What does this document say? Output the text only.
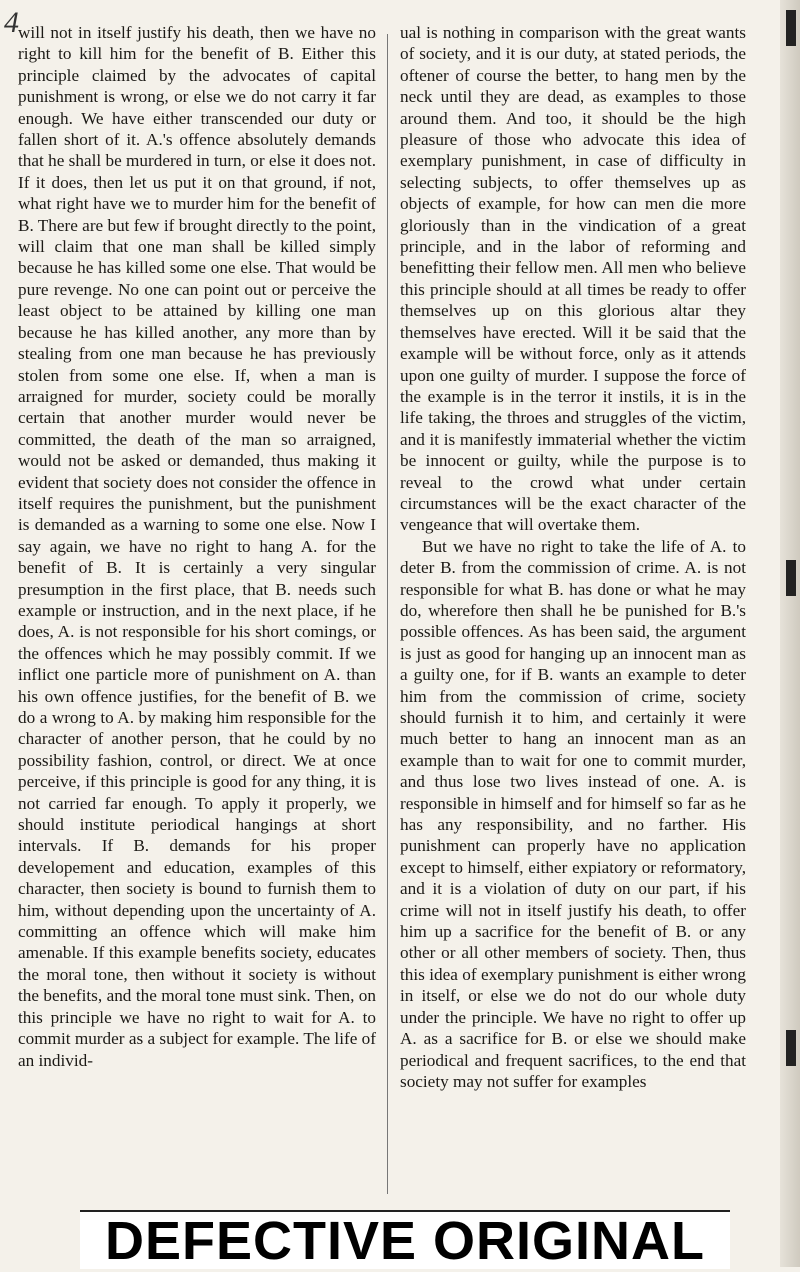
4 will not in itself justify his death, then we have no right to kill him for the benefit of B. Either this principle claimed by the advocates of capital punishment is wrong, or else we do not carry it far enough. We have either transcended our duty or fallen short of it. A.'s offence absolutely demands that he shall be murdered in turn, or else it does not. If it does, then let us put it on that ground, if not, what right have we to murder him for the benefit of B. There are but few if brought directly to the point, will claim that one man shall be killed simply because he has killed some one else. That would be pure revenge. No one can point out or perceive the least object to be attained by killing one man because he has killed another, any more than by stealing from one man because he has previously stolen from some one else. If, when a man is arraigned for murder, society could be morally certain that another murder would never be committed, the death of the man so arraigned, would not be asked or demanded, thus making it evident that society does not consider the offence in itself requires the punishment, but the punishment is demanded as a warning to some one else. Now I say again, we have no right to hang A. for the benefit of B. It is certainly a very singular presumption in the first place, that B. needs such example or instruction, and in the next place, if he does, A. is not responsible for his short comings, or the offences which he may possibly commit. If we inflict one particle more of punishment on A. than his own offence justifies, for the benefit of B. we do a wrong to A. by making him responsible for the character of another person, that he could by no possibility fashion, control, or direct. We at once perceive, if this principle is good for any thing, it is not carried far enough. To apply it properly, we should institute periodical hangings at short intervals. If B. demands for his proper developement and education, examples of this character, then society is bound to furnish them to him, without depending upon the uncertainty of A. committing an offence which will make him amenable. If this example benefits society, educates the moral tone, then without it society is without the benefits, and the moral tone must sink. Then, on this principle we have no right to wait for A. to commit murder as a subject for example. The life of an individ-

ual is nothing in comparison with the great wants of society, and it is our duty, at stated periods, the oftener of course the better, to hang men by the neck until they are dead, as examples to those around them. And too, it should be the high pleasure of those who advocate this idea of exemplary punishment, in case of difficulty in selecting subjects, to offer themselves up as objects of example, for how can men die more gloriously than in the vindication of a great principle, and in the labor of reforming and benefitting their fellow men. All men who believe this principle should at all times be ready to offer themselves up on this glorious altar they themselves have erected. Will it be said that the example will be without force, only as it attends upon one guilty of murder. I suppose the force of the example is in the terror it instils, it is in the life taking, the throes and struggles of the victim, and it is manifestly immaterial whether the victim be innocent or guilty, while the purpose is to reveal to the crowd what under certain circumstances will be the exact character of the vengeance that will overtake them.

But we have no right to take the life of A. to deter B. from the commission of crime. A. is not responsible for what B. has done or what he may do, wherefore then shall he be punished for B.'s possible offences. As has been said, the argument is just as good for hanging up an innocent man as a guilty one, for if B. wants an example to deter him from the commission of crime, society should furnish it to him, and certainly it were much better to hang an innocent man as an example than to wait for one to commit murder, and thus lose two lives instead of one. A. is responsible in himself and for himself so far as he has any responsibility, and no farther. His punishment can properly have no application except to himself, either expiatory or reformatory, and it is a violation of duty on our part, if his crime will not in itself justify his death, to offer him up a sacrifice for the benefit of B. or any other or all other members of society. Then, thus this idea of exemplary punishment is either wrong in itself, or else we do not do our whole duty under the principle. We have no right to offer up A. as a sacrifice for B. or else we should make periodical and frequent sacrifices, to the end that society may not suffer for examples

DEFECTIVE ORIGINAL
